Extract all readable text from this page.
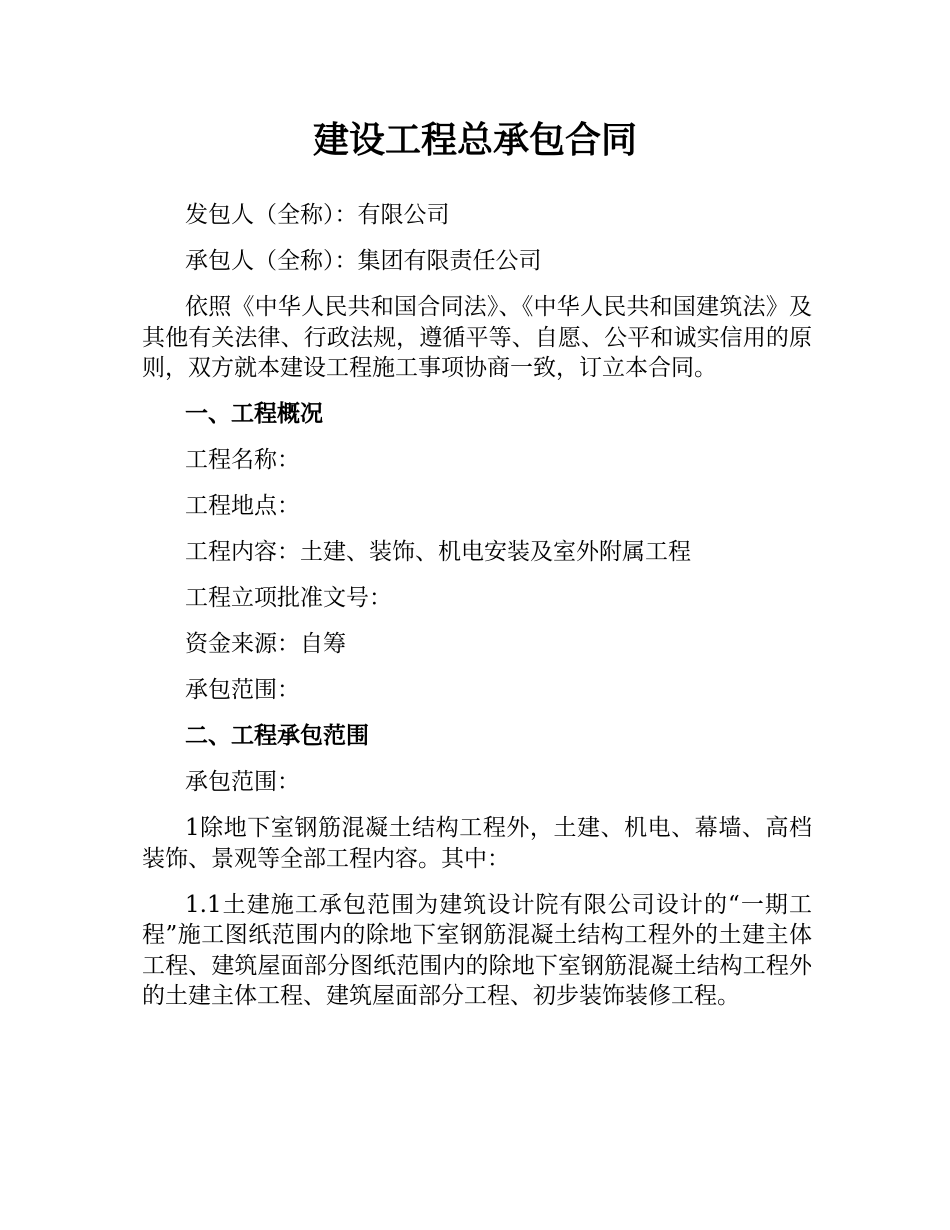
建设工程总承包合同

发包人（全称）：有限公司

承包人（全称）：集团有限责任公司

依照《中华人民共和国合同法》、《中华人民共和国建筑法》及其他有关法律、行政法规，遵循平等、自愿、公平和诚实信用的原则，双方就本建设工程施工事项协商一致，订立本合同。

一、工程概况

工程名称：

工程地点：

工程内容：土建、装饰、机电安装及室外附属工程

工程立项批准文号：

资金来源：自筹

承包范围：

二、工程承包范围

承包范围：

1除地下室钢筋混凝土结构工程外，土建、机电、幕墙、高档装饰、景观等全部工程内容。其中：

1.1土建施工承包范围为建筑设计院有限公司设计的“一期工程”施工图纸范围内的除地下室钢筋混凝土结构工程外的土建主体工程、建筑屋面部分图纸范围内的除地下室钢筋混凝土结构工程外的土建主体工程、建筑屋面部分工程、初步装饰装修工程。
